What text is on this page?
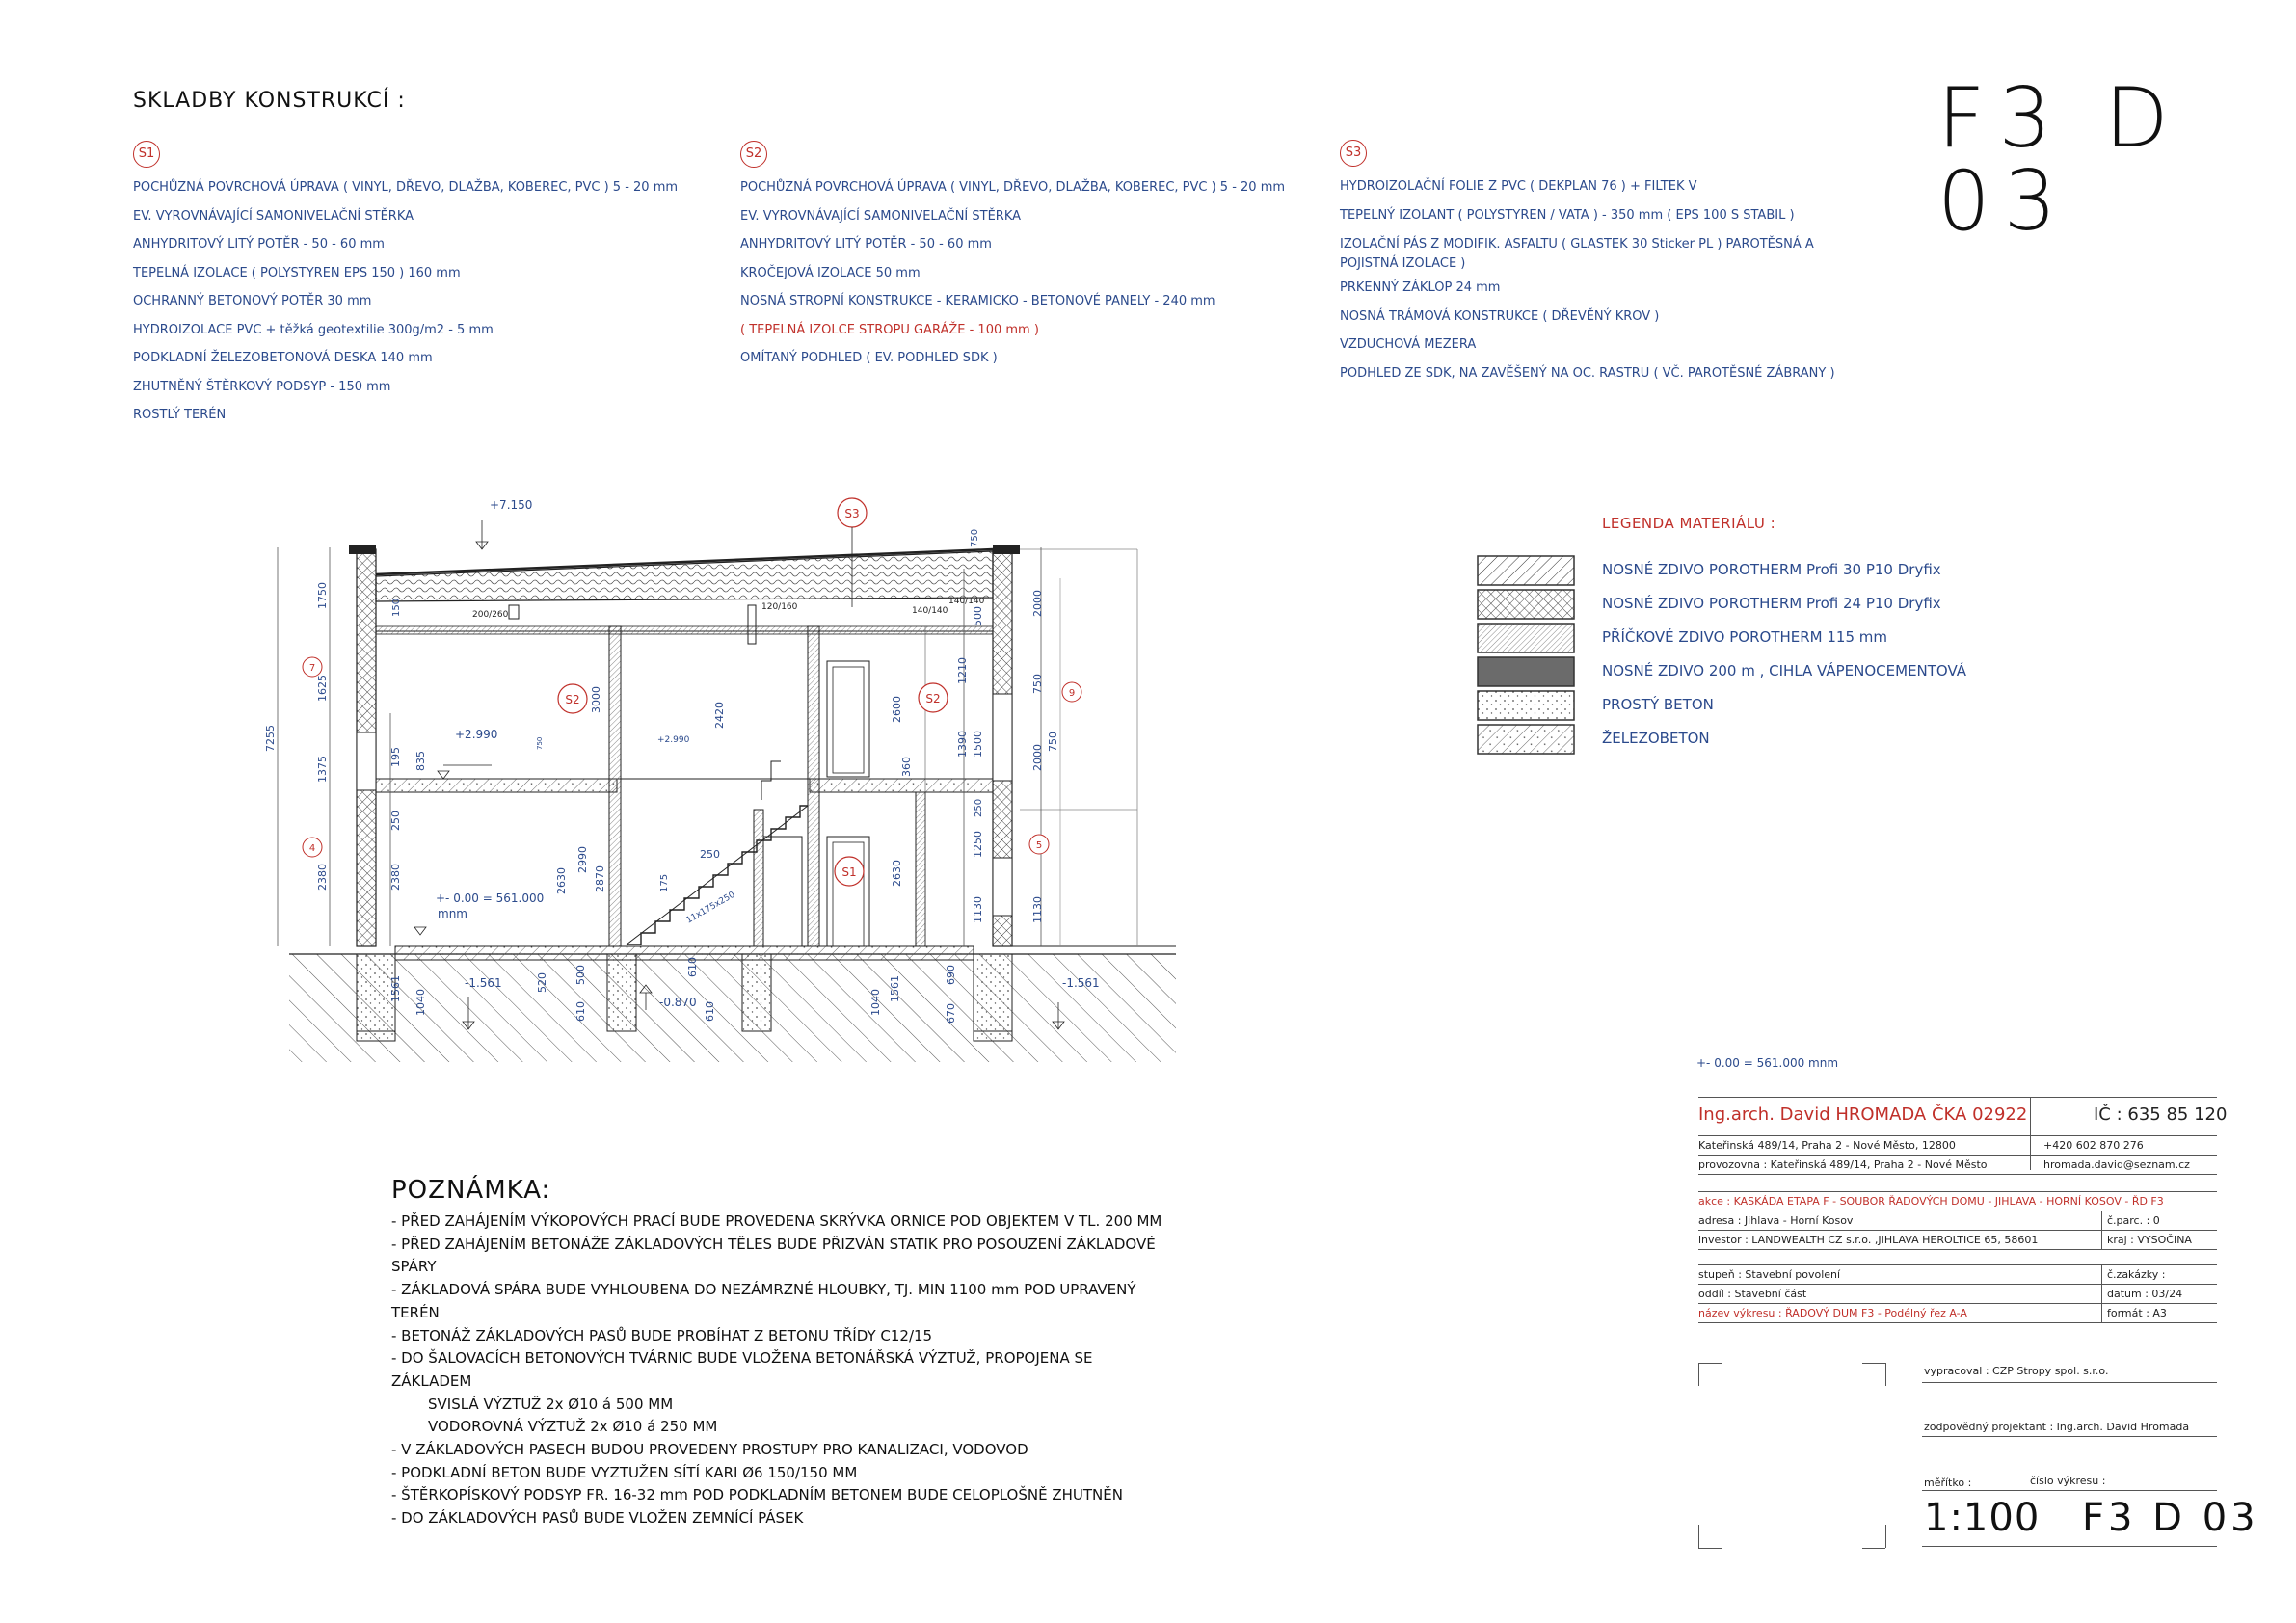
F3 D 03
SKLADBY KONSTRUKCÍ :
S1
POCHŮZNÁ POVRCHOVÁ ÚPRAVA ( VINYL, DŘEVO, DLAŽBA, KOBEREC, PVC ) 5 - 20 mm
EV. VYROVNÁVAJÍCÍ SAMONIVELAČNÍ STĚRKA
ANHYDRITOVÝ LITÝ POTĚR - 50 - 60 mm
TEPELNÁ IZOLACE ( POLYSTYREN EPS 150 ) 160 mm
OCHRANNÝ BETONOVÝ POTĚR 30 mm
HYDROIZOLACE PVC + těžká geotextilie 300g/m2 - 5 mm
PODKLADNÍ ŽELEZOBETONOVÁ DESKA 140 mm
ZHUTNĚNÝ ŠTĚRKOVÝ PODSYP - 150 mm
ROSTLÝ TERÉN
S2
POCHŮZNÁ POVRCHOVÁ ÚPRAVA ( VINYL, DŘEVO, DLAŽBA, KOBEREC, PVC ) 5 - 20 mm
EV. VYROVNÁVAJÍCÍ SAMONIVELAČNÍ STĚRKA
ANHYDRITOVÝ LITÝ POTĚR - 50 - 60 mm
KROČEJOVÁ IZOLACE 50 mm
NOSNÁ STROPNÍ KONSTRUKCE - KERAMICKO - BETONOVÉ PANELY - 240 mm
( TEPELNÁ IZOLCE STROPU GARÁŽE - 100 mm )
OMÍTANÝ PODHLED ( EV. PODHLED SDK )
S3
HYDROIZOLAČNÍ FOLIE Z PVC ( DEKPLAN 76 ) + FILTEK V
TEPELNÝ IZOLANT ( POLYSTYREN / VATA ) - 350 mm ( EPS 100 S STABIL )
IZOLAČNÍ PÁS Z MODIFIK. ASFALTU ( GLASTEK 30 Sticker PL ) PAROTĚSNÁ A
POJISTNÁ IZOLACE )
PRKENNÝ ZÁKLOP 24 mm
NOSNÁ TRÁMOVÁ KONSTRUKCE ( DŘEVĚNÝ KROV )
VZDUCHOVÁ MEZERA
PODHLED ZE SDK, NA ZAVĚŠENÝ NA OC. RASTRU ( VČ. PAROTĚSNÉ ZÁBRANY )
S3
S2	S2
S1
7
4
9
5
+7.150
+2.990	+2.990
+- 0.00 = 561.000
mnm
-1.561	-1.561
-0.870
7255
1750
1625
1375
2380	2380
250
195 835
150
3000
2420
2630
2990
2870
2600
2630
360
750
750
11x175x250
175
250
200/260
120/160	140/140
140/140	2000
750
2000
1130
750
1250
1390 1500
1210
500
250
1130
1561 1040
520
610
500
610
1561
1040	670
690
610
LEGENDA MATERIÁLU :
NOSNÉ ZDIVO POROTHERM Profi 30 P10 Dryfix
NOSNÉ ZDIVO POROTHERM Profi 24 P10 Dryfix
PŘÍČKOVÉ ZDIVO POROTHERM 115 mm
NOSNÉ ZDIVO 200 m , CIHLA VÁPENOCEMENTOVÁ
PROSTÝ BETON
ŽELEZOBETON
+- 0.00 = 561.000 mnm
POZNÁMKA:
- PŘED ZAHÁJENÍM VÝKOPOVÝCH PRACÍ BUDE PROVEDENA SKRÝVKA ORNICE POD OBJEKTEM V TL. 200 MM
- PŘED ZAHÁJENÍM BETONÁŽE ZÁKLADOVÝCH TĚLES BUDE PŘIZVÁN STATIK PRO POSOUZENÍ ZÁKLADOVÉ
SPÁRY
- ZÁKLADOVÁ SPÁRA BUDE VYHLOUBENA DO NEZÁMRZNÉ HLOUBKY, TJ. MIN 1100 mm POD UPRAVENÝ
TERÉN
- BETONÁŽ ZÁKLADOVÝCH PASŮ BUDE PROBÍHAT Z BETONU TŘÍDY C12/15
- DO ŠALOVACÍCH BETONOVÝCH TVÁRNIC BUDE VLOŽENA BETONÁŘSKÁ VÝZTUŽ, PROPOJENA SE
ZÁKLADEM
SVISLÁ VÝZTUŽ 2x Ø10 á 500 MM
VODOROVNÁ VÝZTUŽ 2x Ø10 á 250 MM
- V ZÁKLADOVÝCH PASECH BUDOU PROVEDENY PROSTUPY PRO KANALIZACI, VODOVOD
- PODKLADNÍ BETON BUDE VYZTUŽEN SÍTÍ KARI Ø6 150/150 MM
- ŠTĚRKOPÍSKOVÝ PODSYP FR. 16-32 mm POD PODKLADNÍM BETONEM BUDE CELOPLOŠNĚ ZHUTNĚN
- DO ZÁKLADOVÝCH PASŮ BUDE VLOŽEN ZEMNÍCÍ PÁSEK
Ing.arch. David HROMADA ČKA 02922	IČ : 635 85 120
Kateřinská 489/14, Praha 2 - Nové Město, 12800	+420 602 870 276
provozovna : Kateřinská 489/14, Praha 2 - Nové Město	hromada.david@seznam.cz
akce : KASKÁDA ETAPA F - SOUBOR ŘADOVÝCH DOMU - JIHLAVA - HORNÍ KOSOV - ŘD F3
adresa : Jihlava - Horní Kosov	č.parc. : 0
investor : LANDWEALTH CZ s.r.o. ,JIHLAVA HEROLTICE 65, 58601	kraj : VYSOČINA
stupeň : Stavební povolení	č.zakázky :
oddíl : Stavební část	datum : 03/24
název výkresu : ŘADOVÝ DUM F3 - Podélný řez A-A	formát : A3
vypracoval : CZP Stropy spol. s.r.o.
zodpovědný projektant : Ing.arch. David Hromada
měřítko :	číslo výkresu :
1:100 F3 D 03
